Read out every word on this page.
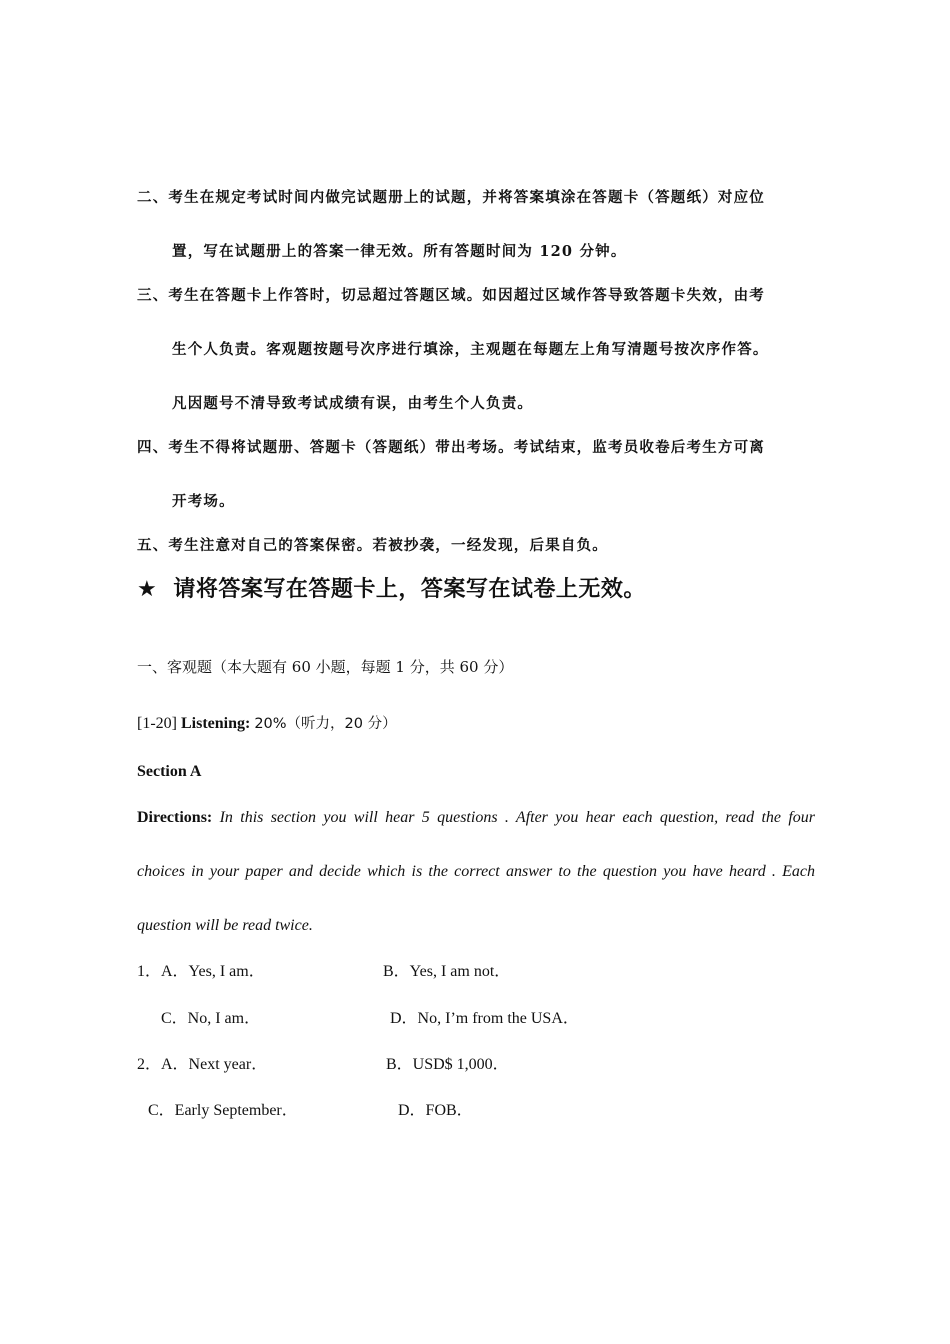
二、考生在规定考试时间内做完试题册上的试题，并将答案填涂在答题卡（答题纸）对应位
置，写在试题册上的答案一律无效。所有答题时间为 120 分钟。
三、考生在答题卡上作答时，切忌超过答题区域。如因超过区域作答导致答题卡失效，由考
生个人负责。客观题按题号次序进行填涂，主观题在每题左上角写清题号按次序作答。
凡因题号不清导致考试成绩有误，由考生个人负责。
四、考生不得将试题册、答题卡（答题纸）带出考场。考试结束，监考员收卷后考生方可离
开考场。
五、考生注意对自己的答案保密。若被抄袭，一经发现，后果自负。
★ 请将答案写在答题卡上，答案写在试卷上无效。
一、客观题（本大题有 60 小题，每题 1 分，共 60 分）
[1-20] Listening: 20%（听力，20 分）
Section A
Directions: In this section you will hear 5 questions . After you hear each question, read the four
choices in your paper and decide which is the correct answer to the question you have heard . Each
question will be read twice.
1． A．Yes, I am．	B．Yes, I am not．
C．No, I am．	D．No, I’m from the USA．
2． A．Next year．	B．USD$ 1,000．
C．Early September．	D．FOB．
